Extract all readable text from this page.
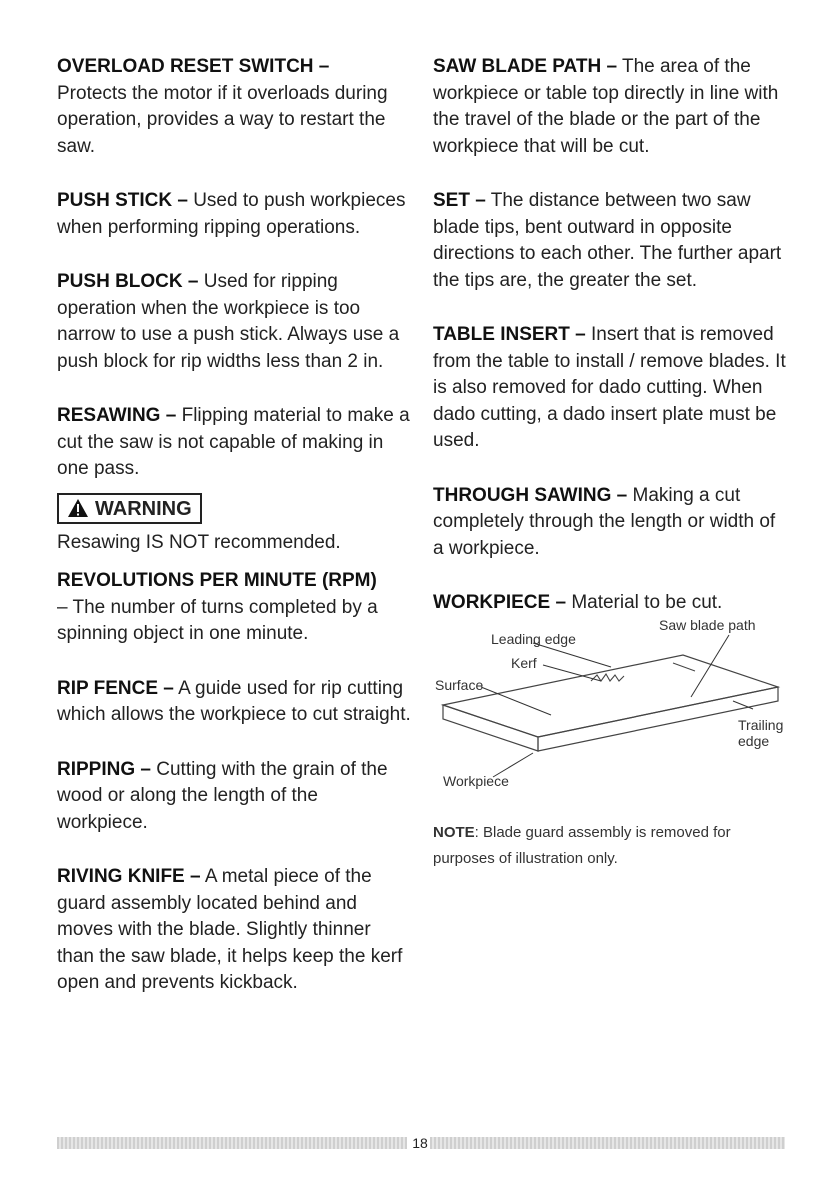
OVERLOAD RESET SWITCH –
Protects the motor if it overloads during operation, provides a way to restart the saw.

PUSH STICK – Used to push workpieces when performing ripping operations.

PUSH BLOCK – Used for ripping operation when the workpiece is too narrow to use a push stick. Always use a push block for rip widths less than 2 in.

RESAWING – Flipping material to make a cut the saw is not capable of making in one pass.

WARNING

Resawing IS NOT recommended.

REVOLUTIONS PER MINUTE (RPM)
– The number of turns completed by a spinning object in one minute.

RIP FENCE – A guide used for rip cutting which allows the workpiece to cut straight.

RIPPING – Cutting with the grain of the wood or along the length of the workpiece.

RIVING KNIFE – A metal piece of the guard assembly located behind and moves with the blade. Slightly thinner than the saw blade, it helps keep the kerf open and prevents kickback.

SAW BLADE PATH – The area of the workpiece or table top directly in line with the travel of the blade or the part of the workpiece that will be cut.

SET – The distance between two saw blade tips, bent outward in opposite directions to each other. The further apart the tips are, the greater the set.

TABLE INSERT – Insert that is removed from the table to install / remove blades. It is also removed for dado cutting. When dado cutting, a dado insert plate must be used.

THROUGH SAWING – Making a cut completely through the length or width of a workpiece.

WORKPIECE – Material to be cut.

Saw blade path
Leading edge
Kerf
Surface
Trailing
edge
Workpiece

NOTE: Blade guard assembly is removed for purposes of illustration only.

18
